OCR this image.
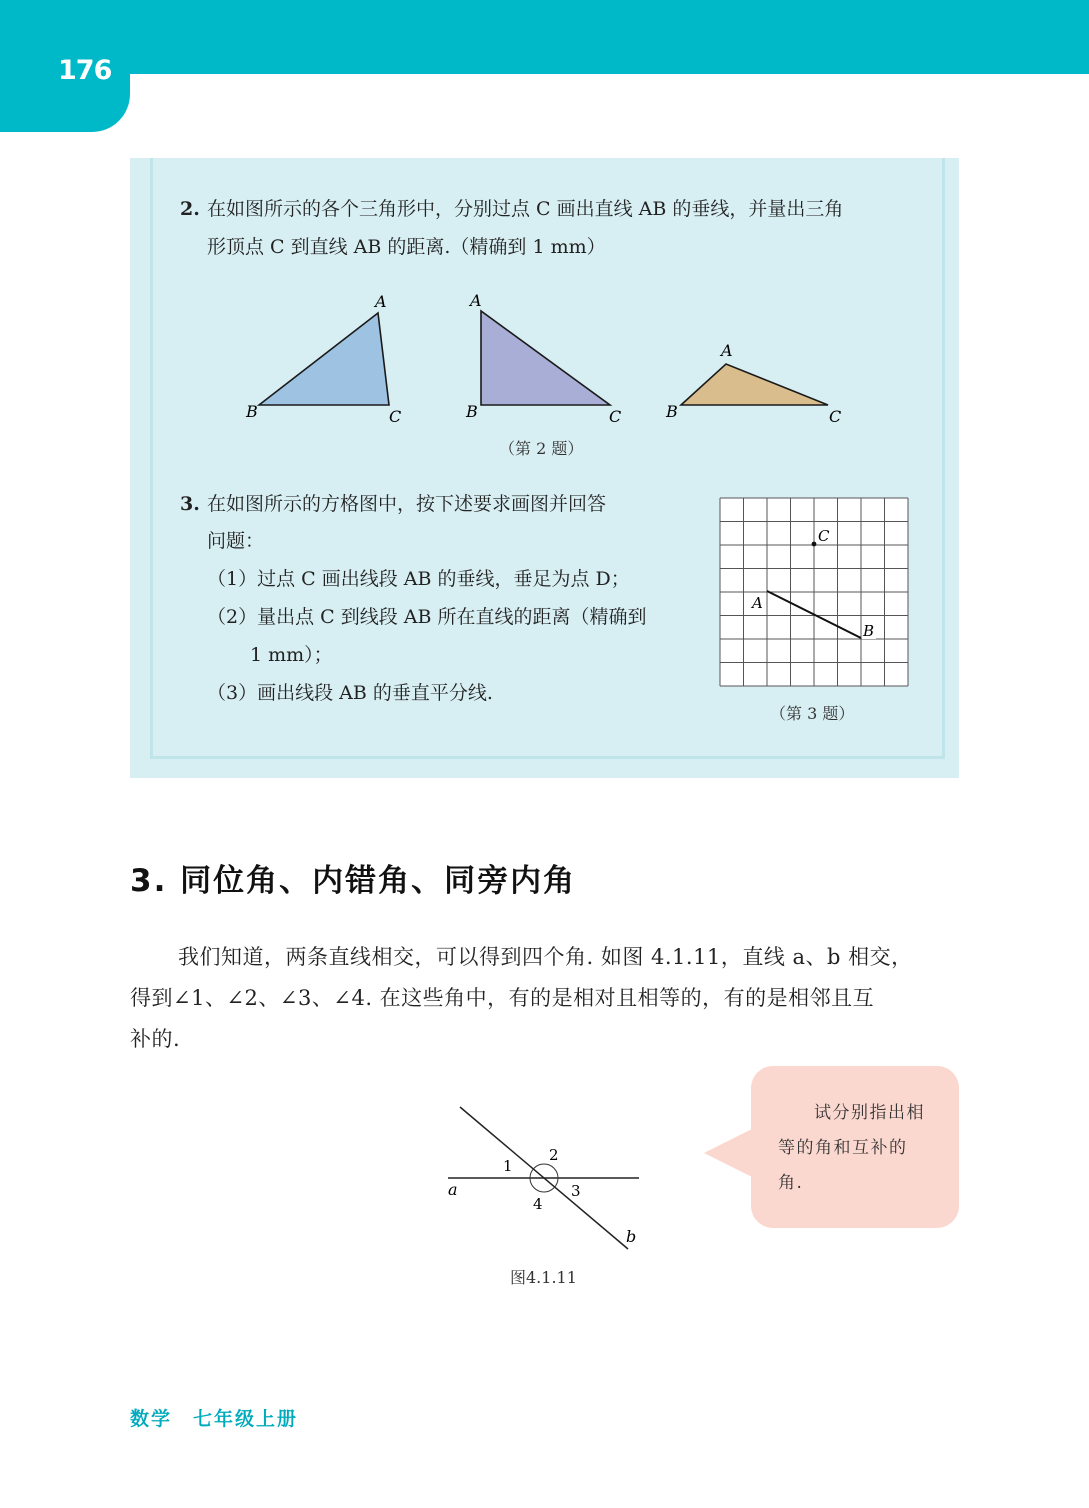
176
2. 在如图所示的各个三角形中，分别过点 C 画出直线 AB 的垂线，并量出三角
形顶点 C 到直线 AB 的距离.（精确到 1 mm）
A
B	C
A
B	C
A
B	C
C
A
B
a
b
1
2
3
4
（第 2 题）
3. 在如图所示的方格图中，按下述要求画图并回答
问题：
（1）过点 C 画出线段 AB 的垂线，垂足为点 D；
（2）量出点 C 到线段 AB 所在直线的距离（精确到
1 mm）；
（3）画出线段 AB 的垂直平分线.
（第 3 题）
3. 同位角、内错角、同旁内角
我们知道，两条直线相交，可以得到四个角. 如图 4.1.11，直线 a、b 相交，
得到∠1、∠2、∠3、∠4. 在这些角中，有的是相对且相等的，有的是相邻且互
补的.
图4.1.11
试分别指出相
等的角和互补的
角.
数学　七年级上册
